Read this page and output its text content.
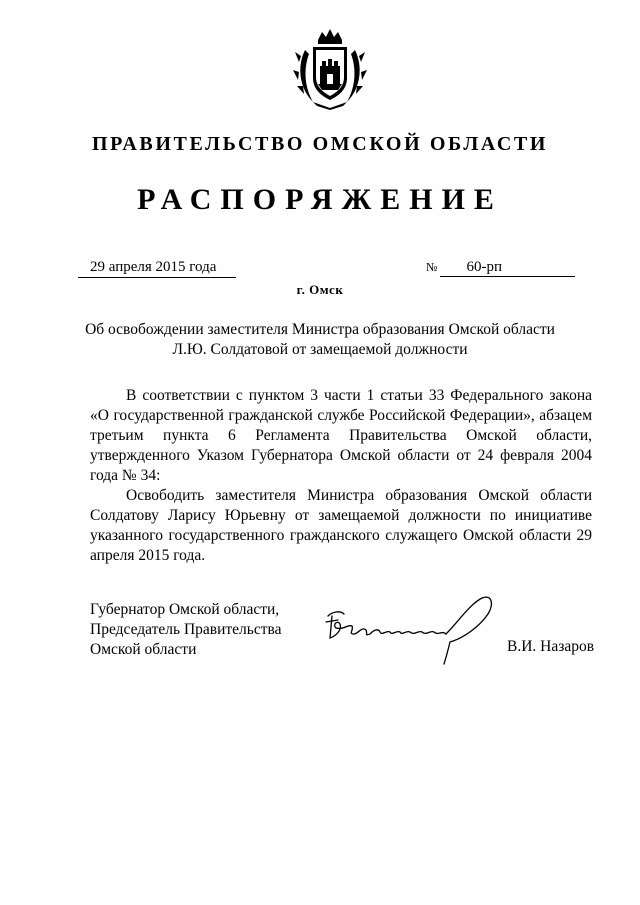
ПРАВИТЕЛЬСТВО ОМСКОЙ ОБЛАСТИ
РАСПОРЯЖЕНИЕ
29 апреля 2015 года	№ 60-рп
г. Омск
Об освобождении заместителя Министра образования Омской области
Л.Ю. Солдатовой от замещаемой должности

В соответствии с пунктом 3 части 1 статьи 33 Федерального закона «О государственной гражданской службе Российской Федерации», абзацем третьим пункта 6 Регламента Правительства Омской области, утвержденного Указом Губернатора Омской области от 24 февраля 2004 года № 34:

Освободить заместителя Министра образования Омской области Солдатову Ларису Юрьевну от замещаемой должности по инициативе указанного государственного гражданского служащего Омской области 29 апреля 2015 года.

Губернатор Омской области,
Председатель Правительства
Омской области	В.И. Назаров
